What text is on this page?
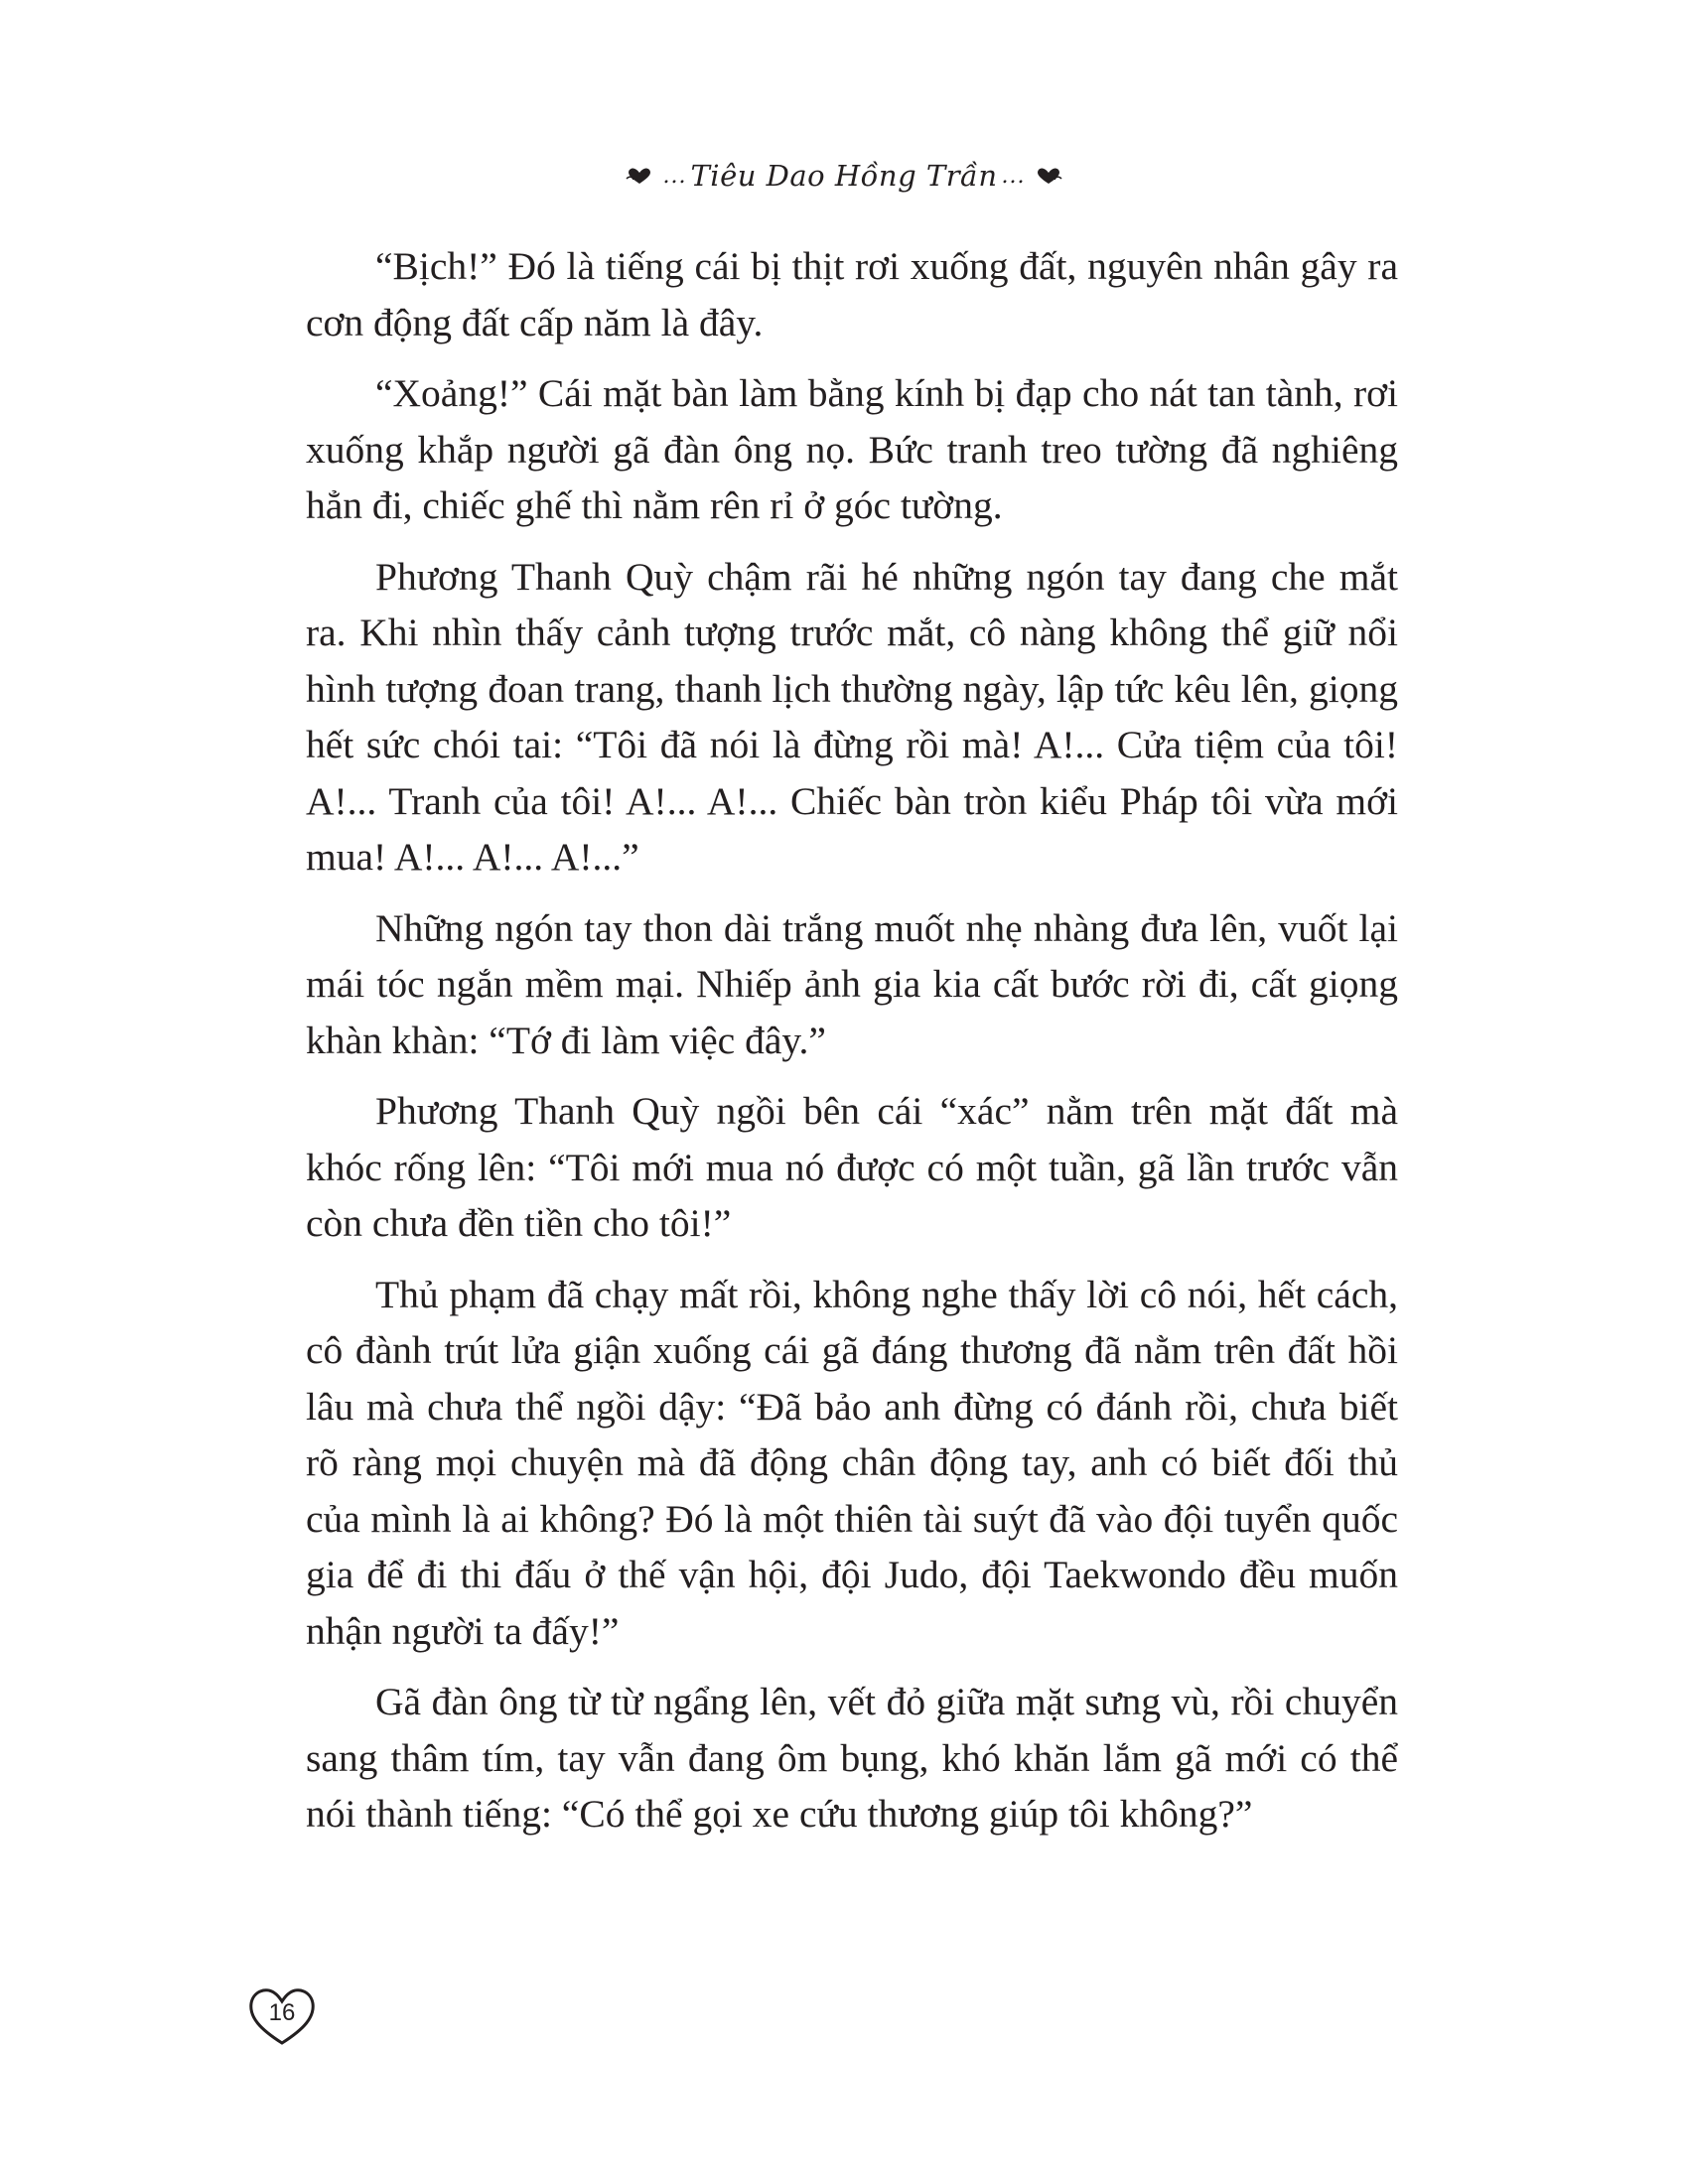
... Tiêu Dao Hồng Trần ...

“Bịch!” Đó là tiếng cái bị thịt rơi xuống đất, nguyên nhân gây ra cơn động đất cấp năm là đây.

“Xoảng!” Cái mặt bàn làm bằng kính bị đạp cho nát tan tành, rơi xuống khắp người gã đàn ông nọ. Bức tranh treo tường đã nghiêng hẳn đi, chiếc ghế thì nằm rên rỉ ở góc tường.

Phương Thanh Quỳ chậm rãi hé những ngón tay đang che mắt ra. Khi nhìn thấy cảnh tượng trước mắt, cô nàng không thể giữ nổi hình tượng đoan trang, thanh lịch thường ngày, lập tức kêu lên, giọng hết sức chói tai: “Tôi đã nói là đừng rồi mà! A!... Cửa tiệm của tôi! A!... Tranh của tôi! A!... A!... Chiếc bàn tròn kiểu Pháp tôi vừa mới mua! A!... A!... A!...”

Những ngón tay thon dài trắng muốt nhẹ nhàng đưa lên, vuốt lại mái tóc ngắn mềm mại. Nhiếp ảnh gia kia cất bước rời đi, cất giọng khàn khàn: “Tớ đi làm việc đây.”

Phương Thanh Quỳ ngồi bên cái “xác” nằm trên mặt đất mà khóc rống lên: “Tôi mới mua nó được có một tuần, gã lần trước vẫn còn chưa đền tiền cho tôi!”

Thủ phạm đã chạy mất rồi, không nghe thấy lời cô nói, hết cách, cô đành trút lửa giận xuống cái gã đáng thương đã nằm trên đất hồi lâu mà chưa thể ngồi dậy: “Đã bảo anh đừng có đánh rồi, chưa biết rõ ràng mọi chuyện mà đã động chân động tay, anh có biết đối thủ của mình là ai không? Đó là một thiên tài suýt đã vào đội tuyển quốc gia để đi thi đấu ở thế vận hội, đội Judo, đội Taekwondo đều muốn nhận người ta đấy!”

Gã đàn ông từ từ ngẩng lên, vết đỏ giữa mặt sưng vù, rồi chuyển sang thâm tím, tay vẫn đang ôm bụng, khó khăn lắm gã mới có thể nói thành tiếng: “Có thể gọi xe cứu thương giúp tôi không?”

16
